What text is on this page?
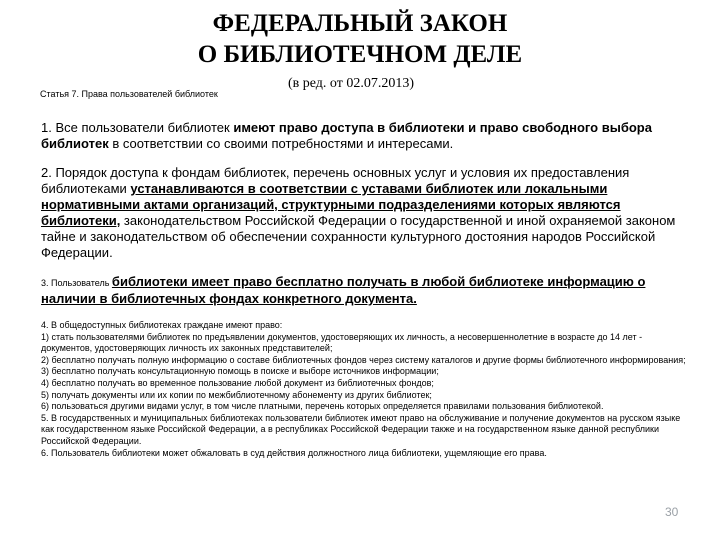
ФЕДЕРАЛЬНЫЙ ЗАКОН
О БИБЛИОТЕЧНОМ ДЕЛЕ
Статья 7. Права пользователей библиотек
(в ред. от 02.07.2013)

1. Все пользователи библиотек имеют право доступа в библиотеки и право свободного выбора библиотек в соответствии со своими потребностями и интересами.

2. Порядок доступа к фондам библиотек, перечень основных услуг и условия их предоставления библиотеками устанавливаются в соответствии с уставами библиотек или локальными нормативными актами организаций, структурными подразделениями которых являются библиотеки, законодательством Российской Федерации о государственной и иной охраняемой законом тайне и законодательством об обеспечении сохранности культурного достояния народов Российской Федерации.

3. Пользователь библиотеки имеет право бесплатно получать в любой библиотеке информацию о наличии в библиотечных фондах конкретного документа.

4. В общедоступных библиотеках граждане имеют право:
1) стать пользователями библиотек по предъявлении документов, удостоверяющих их личность, а несовершеннолетние в возрасте до 14 лет - документов, удостоверяющих личность их законных представителей;
2) бесплатно получать полную информацию о составе библиотечных фондов через систему каталогов и другие формы библиотечного информирования;
3) бесплатно получать консультационную помощь в поиске и выборе источников информации;
4) бесплатно получать во временное пользование любой документ из библиотечных фондов;
5) получать документы или их копии по межбиблиотечному абонементу из других библиотек;
6) пользоваться другими видами услуг, в том числе платными, перечень которых определяется правилами пользования библиотекой.
5. В государственных и муниципальных библиотеках пользователи библиотек имеют право на обслуживание и получение документов на русском языке как государственном языке Российской Федерации, а в республиках Российской Федерации также и на государственном языке данной республики Российской Федерации.
6. Пользователь библиотеки может обжаловать в суд действия должностного лица библиотеки, ущемляющие его права.
30
